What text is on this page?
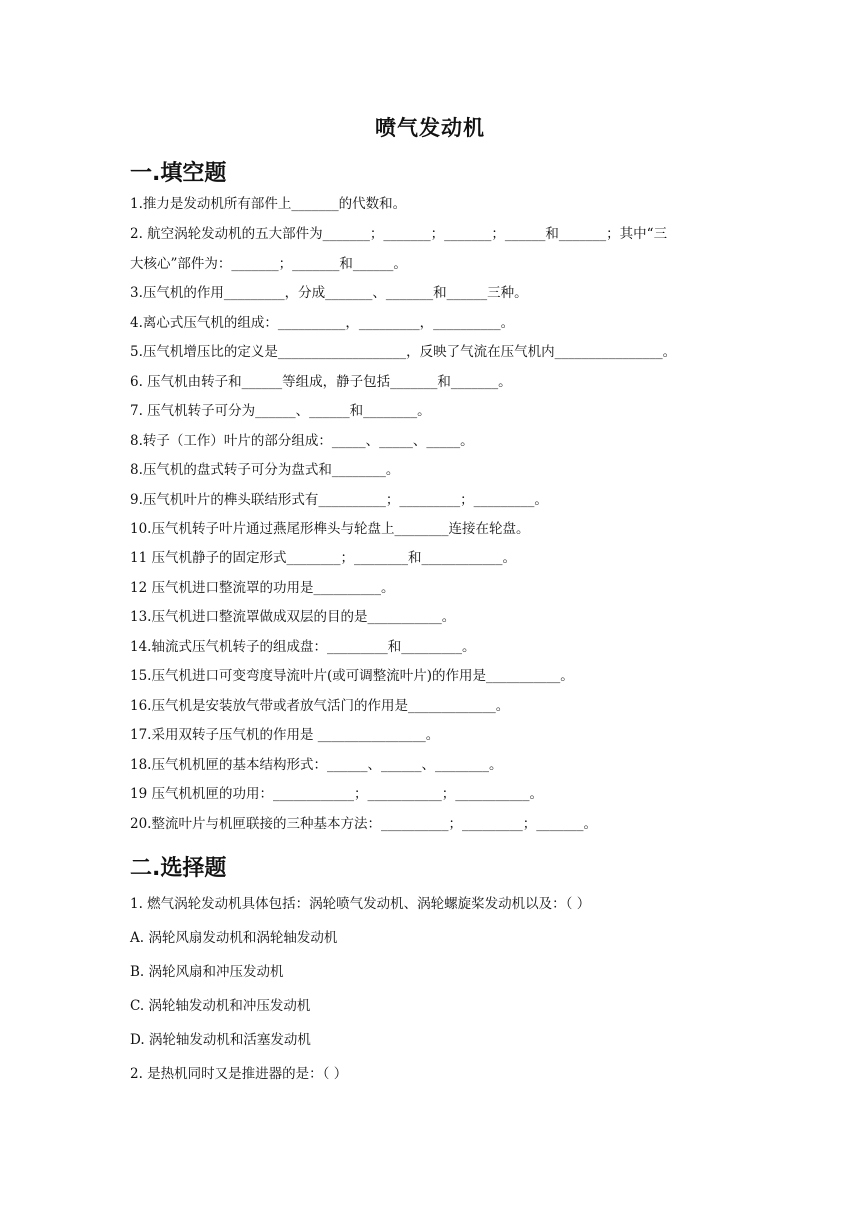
喷气发动机
一.填空题
1.推力是发动机所有部件上_______的代数和。
2. 航空涡轮发动机的五大部件为_______；_______；_______；______和_______；其中“三
大核心”部件为：_______；_______和______。
3.压气机的作用_________，分成_______、_______和______三种。
4.离心式压气机的组成：__________，_________，__________。
5.压气机增压比的定义是___________________，反映了气流在压气机内________________。
6. 压气机由转子和______等组成，静子包括_______和_______。
7. 压气机转子可分为______、______和________。
8.转子（工作）叶片的部分组成：_____、_____、_____。
8.压气机的盘式转子可分为盘式和________。
9.压气机叶片的榫头联结形式有__________；_________；_________。
10.压气机转子叶片通过燕尾形榫头与轮盘上________连接在轮盘。
11 压气机静子的固定形式________；________和____________。
12 压气机进口整流罩的功用是__________。
13.压气机进口整流罩做成双层的目的是___________。
14.轴流式压气机转子的组成盘：_________和_________。
15.压气机进口可变弯度导流叶片(或可调整流叶片)的作用是___________。
16.压气机是安装放气带或者放气活门的作用是_____________。
17.采用双转子压气机的作用是 ________________。
18.压气机机匣的基本结构形式：______、______、________。
19 压气机机匣的功用：____________；___________；___________。
20.整流叶片与机匣联接的三种基本方法：__________；_________；_______。
二.选择题
1. 燃气涡轮发动机具体包括：涡轮喷气发动机、涡轮螺旋桨发动机以及：（ ）
A. 涡轮风扇发动机和涡轮轴发动机
B. 涡轮风扇和冲压发动机
C. 涡轮轴发动机和冲压发动机
D. 涡轮轴发动机和活塞发动机
2. 是热机同时又是推进器的是：（ ）
